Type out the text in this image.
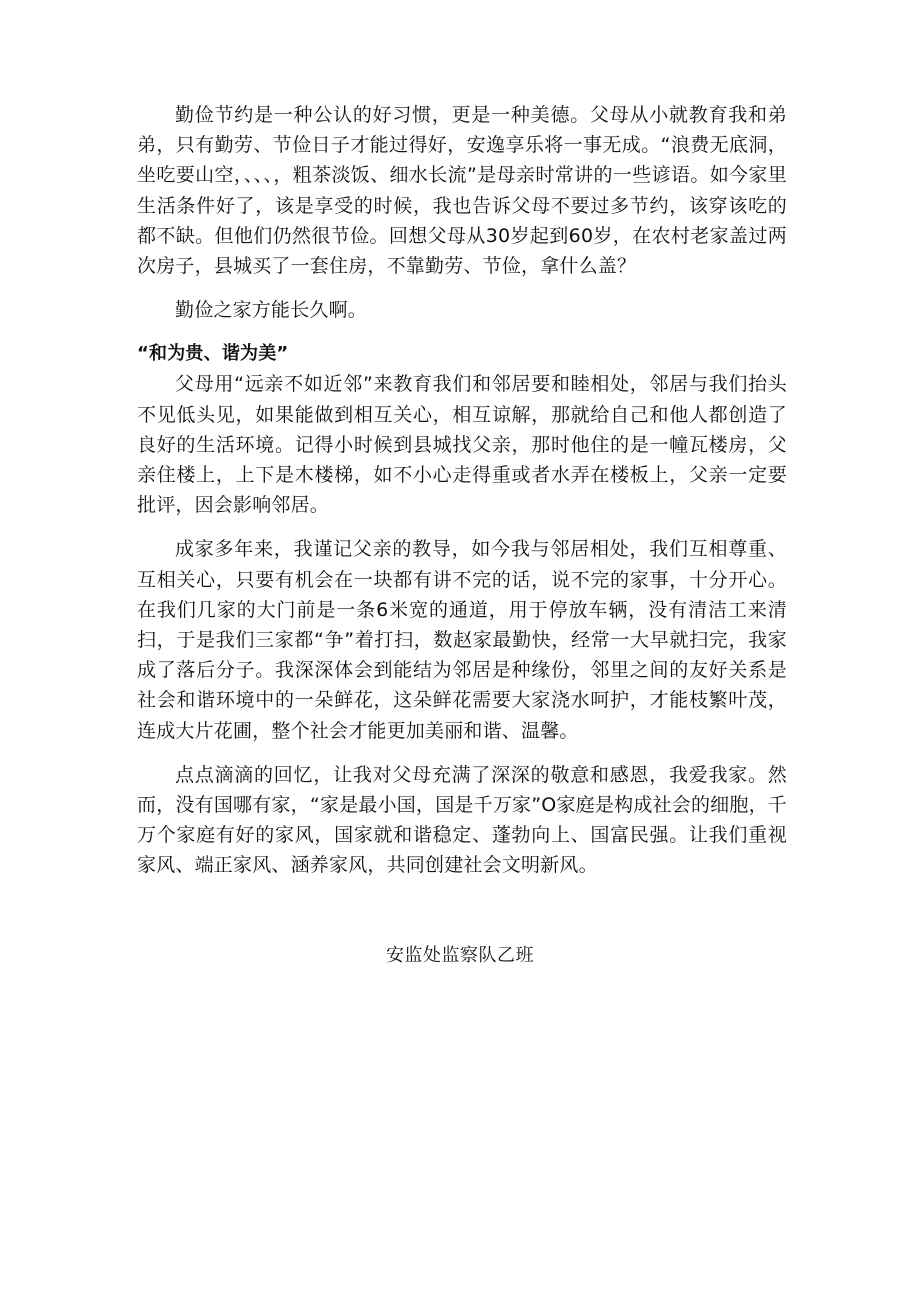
勤俭节约是一种公认的好习惯，更是一种美德。父母从小就教育我和弟弟，只有勤劳、节俭日子才能过得好，安逸享乐将一事无成。“浪费无底洞，坐吃要山空，、、、，粗茶淡饭、细水长流”是母亲时常讲的一些谚语。如今家里生活条件好了，该是享受的时候，我也告诉父母不要过多节约，该穿该吃的都不缺。但他们仍然很节俭。回想父母从30岁起到60岁，在农村老家盖过两次房子，县城买了一套住房，不靠勤劳、节俭，拿什么盖？

勤俭之家方能长久啊。

“和为贵、谐为美”

父母用“远亲不如近邻”来教育我们和邻居要和睦相处，邻居与我们抬头不见低头见，如果能做到相互关心，相互谅解，那就给自己和他人都创造了良好的生活环境。记得小时候到县城找父亲，那时他住的是一幢瓦楼房，父亲住楼上，上下是木楼梯，如不小心走得重或者水弄在楼板上，父亲一定要批评，因会影响邻居。

成家多年来，我谨记父亲的教导，如今我与邻居相处，我们互相尊重、互相关心，只要有机会在一块都有讲不完的话，说不完的家事，十分开心。在我们几家的大门前是一条6米宽的通道，用于停放车辆，没有清洁工来清扫，于是我们三家都“争”着打扫，数赵家最勤快，经常一大早就扫完，我家成了落后分子。我深深体会到能结为邻居是种缘份，邻里之间的友好关系是社会和谐环境中的一朵鲜花，这朵鲜花需要大家浇水呵护，才能枝繁叶茂，连成大片花圃，整个社会才能更加美丽和谐、温馨。

点点滴滴的回忆，让我对父母充满了深深的敬意和感恩，我爱我家。然而，没有国哪有家，“家是最小国，国是千万家”O家庭是构成社会的细胞，千万个家庭有好的家风，国家就和谐稳定、蓬勃向上、国富民强。让我们重视家风、端正家风、涵养家风，共同创建社会文明新风。

安监处监察队乙班
